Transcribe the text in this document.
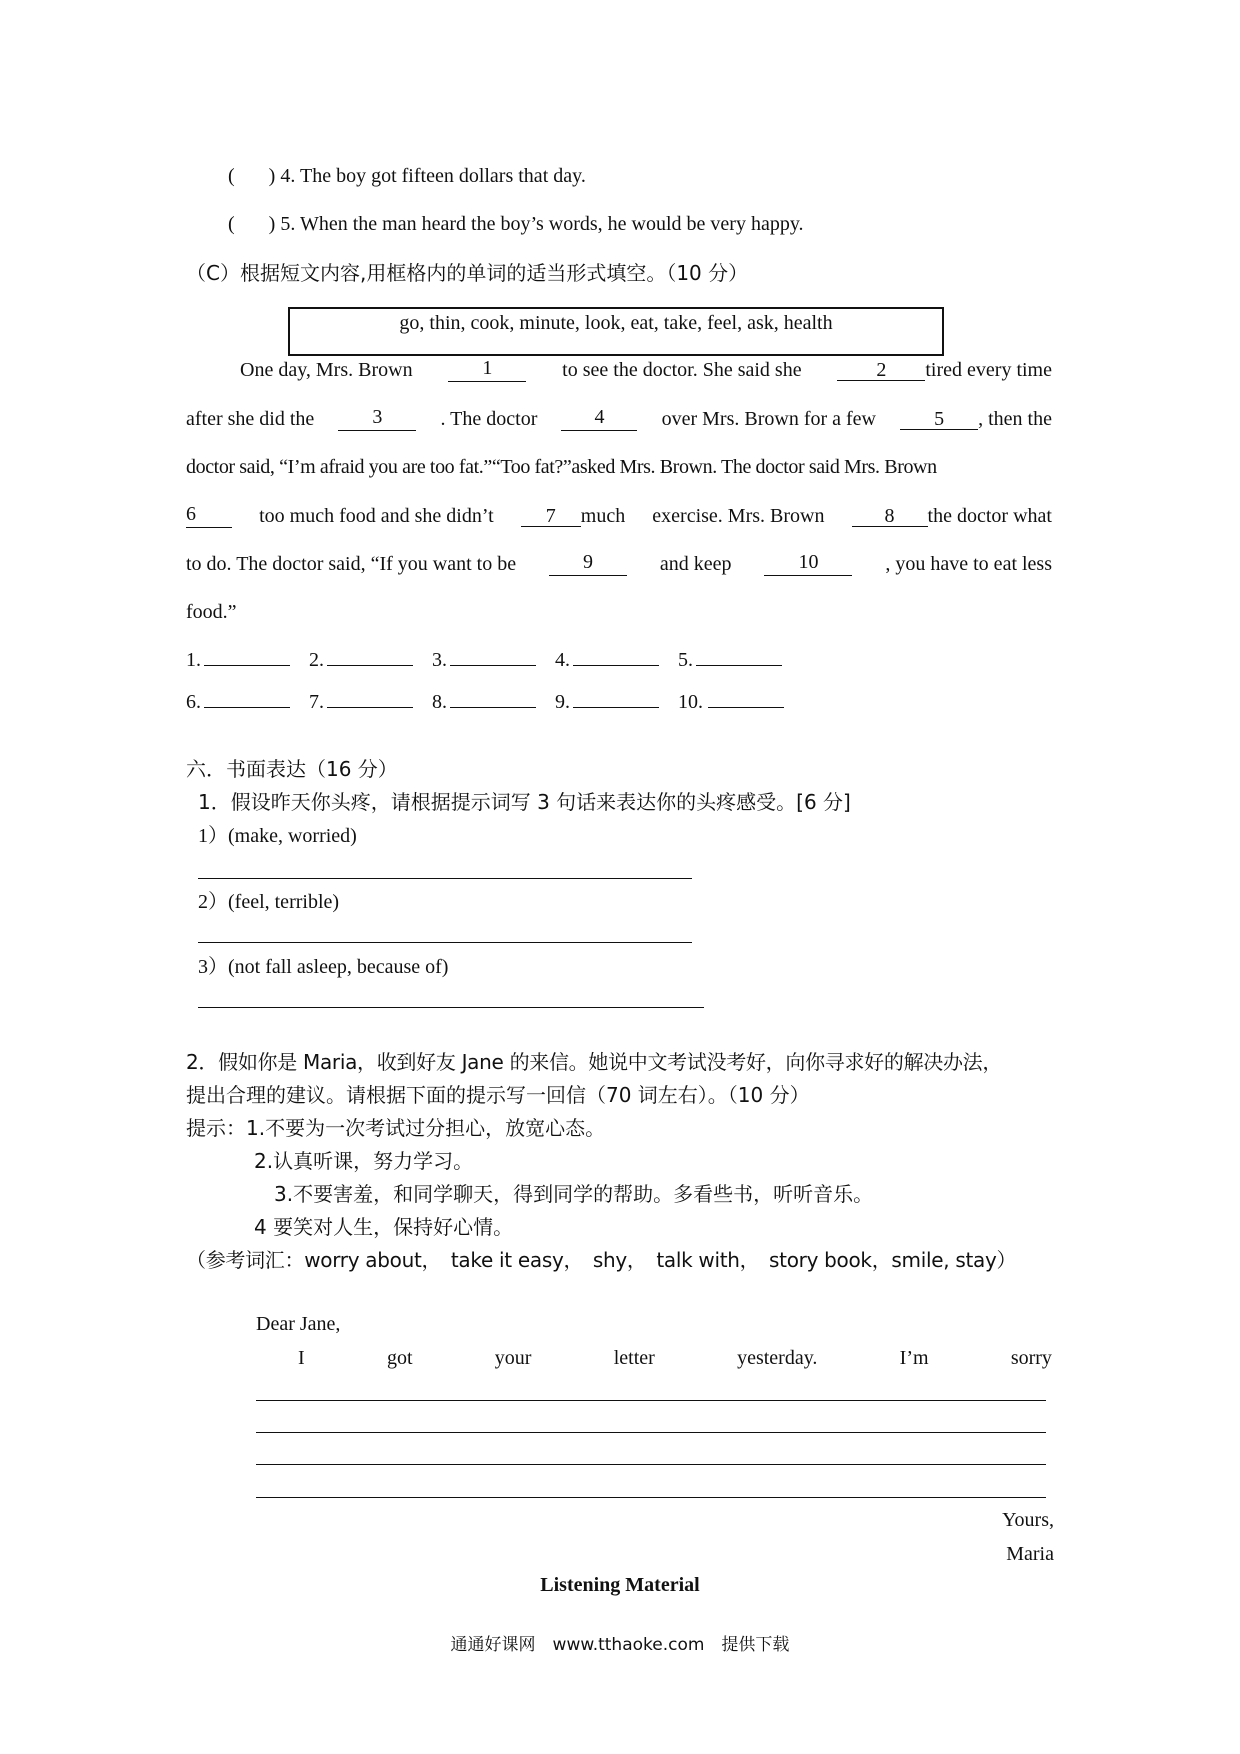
( ) 4. The boy got fifteen dollars that day.
( ) 5. When the man heard the boy’s words, he would be very happy.
（C）根据短文内容,用框格内的单词的适当形式填空。（10 分）
go, thin, cook, minute, look, eat, take, feel, ask, health
One day, Mrs. Brown	1	to see the doctor. She said she	2 tired every time
after she did the	3	. The doctor	4	over Mrs. Brown for a few	5 , then the
doctor said, “I’m afraid you are too fat.”“Too fat?”asked Mrs. Brown. The doctor said Mrs. Brown
6	too much food and she didn’t	7 much exercise. Mrs. Brown	8 the doctor what
to do. The doctor said, “If you want to be	9	and keep	10	, you have to eat less
food.”
1.	2.	3.	4.	5.
6.	7.	8.	9.	10.
六．书面表达（16 分）
1．假设昨天你头疼，请根据提示词写 3 句话来表达你的头疼感受。[6 分]
1）(make, worried)
2）(feel, terrible)
3）(not fall asleep, because of)
2．假如你是 Maria，收到好友 Jane 的来信。她说中文考试没考好，向你寻求好的解决办法，
提出合理的建议。请根据下面的提示写一回信（70 词左右）。（10 分）
提示：1.不要为一次考试过分担心，放宽心态。
2.认真听课，努力学习。
3.不要害羞，和同学聊天，得到同学的帮助。多看些书，听听音乐。
4 要笑对人生，保持好心情。
（参考词汇：worry about，　take it easy，　shy，　talk with，　story book，smile, stay）
Dear Jane,
I	got	your	letter	yesterday.	I’m	sorry
Yours,
Maria
Listening Material
通通好课网　www.tthaoke.com　提供下载
